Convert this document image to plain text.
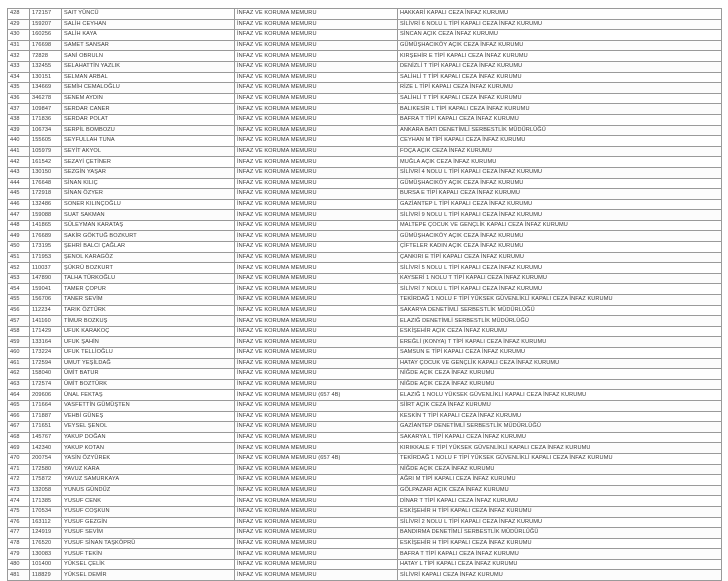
428	172157	SAIT YÜNCÜ	İNFAZ VE KORUMA MEMURU	HAKKARİ KAPALI CEZA İNFAZ KURUMU
429	159207	SALİH CEYHAN	İNFAZ VE KORUMA MEMURU	SİLİVRİ 6 NOLU L TİPİ KAPALI CEZA İNFAZ KURUMU
430	160256	SALİH KAYA	İNFAZ VE KORUMA MEMURU	SİNCAN AÇIK CEZA İNFAZ KURUMU
431	176698	SAMET SANSAR	İNFAZ VE KORUMA MEMURU	GÜMÜŞHACIKÖY AÇIK CEZA İNFAZ KURUMU
432	72828	SANİ OBRULN	İNFAZ VE KORUMA MEMURU	KIRŞEHİR E TİPİ KAPALI CEZA İNFAZ KURUMU
433	132455	SELAHATTİN YAZLIK	İNFAZ VE KORUMA MEMURU	DENİZLİ T TİPİ KAPALI CEZA İNFAZ KURUMU
434	130151	SELMAN ARBAL	İNFAZ VE KORUMA MEMURU	SALİHLİ T TİPİ KAPALI CEZA İNFAZ KURUMU
435	134669	SEMİH CEMALOĞLU	İNFAZ VE KORUMA MEMURU	RİZE L TİPİ KAPALI CEZA İNFAZ KURUMU
436	346278	SENEM AYDIN	İNFAZ VE KORUMA MEMURU	SALİHLİ T TİPİ KAPALI CEZA İNFAZ KURUMU
437	109847	SERDAR CANER	İNFAZ VE KORUMA MEMURU	BALIKESİR L TİPİ KAPALI CEZA İNFAZ KURUMU
438	171836	SERDAR POLAT	İNFAZ VE KORUMA MEMURU	BAFRA T TİPİ KAPALI CEZA İNFAZ KURUMU
439	106734	SERPİL BOMBOZU	İNFAZ VE KORUMA MEMURU	ANKARA BATI DENETİMLİ SERBESTLİK MÜDÜRLÜĞÜ
440	155605	SEYFULLAH TUNA	İNFAZ VE KORUMA MEMURU	CEYHAN M TİPİ KAPALI CEZA İNFAZ KURUMU
441	105979	SEYİT AKYOL	İNFAZ VE KORUMA MEMURU	FOÇA AÇIK CEZA İNFAZ KURUMU
442	161542	SEZAYİ ÇETİNER	İNFAZ VE KORUMA MEMURU	MUĞLA AÇIK CEZA İNFAZ KURUMU
443	130150	SEZGİN YAŞAR	İNFAZ VE KORUMA MEMURU	SİLİVRİ 4 NOLU L TİPİ KAPALI CEZA İNFAZ KURUMU
444	176648	SİNAN KILIÇ	İNFAZ VE KORUMA MEMURU	GÜMÜŞHACIKÖY AÇIK CEZA İNFAZ KURUMU
445	172918	SİNAN ÖZYER	İNFAZ VE KORUMA MEMURU	BURSA E TİPİ KAPALI CEZA İNFAZ KURUMU
446	132486	SONER KILINÇOĞLU	İNFAZ VE KORUMA MEMURU	GAZİANTEP L TİPİ KAPALI CEZA İNFAZ KURUMU
447	159088	SUAT SAKMAN	İNFAZ VE KORUMA MEMURU	SİLİVRİ 9 NOLU L TİPİ KAPALI CEZA İNFAZ KURUMU
448	141865	SÜLEYMAN KARATAŞ	İNFAZ VE KORUMA MEMURU	MALTEPE ÇOCUK VE GENÇLİK KAPALI CEZA İNFAZ KURUMU
449	176689	SAKİR GÖKTUĞ BOZKURT	İNFAZ VE KORUMA MEMURU	GÜMÜŞHACIKÖY AÇIK CEZA İNFAZ KURUMU
450	173195	ŞEHRİ BALCI ÇAĞLAR	İNFAZ VE KORUMA MEMURU	ÇİFTELER KADIN AÇIK CEZA İNFAZ KURUMU
451	171953	ŞENOL KARAGÖZ	İNFAZ VE KORUMA MEMURU	ÇANKIRI E TİPİ KAPALI CEZA İNFAZ KURUMU
452	110037	ŞÜKRÜ BOZKURT	İNFAZ VE KORUMA MEMURU	SİLİVRİ 5 NOLU L TİPİ KAPALI CEZA İNFAZ KURUMU
453	147890	TALHA TÜRKOĞLU	İNFAZ VE KORUMA MEMURU	KAYSERİ 1 NOLU T TİPİ KAPALI CEZA İNFAZ KURUMU
454	159041	TAMER ÇOPUR	İNFAZ VE KORUMA MEMURU	SİLİVRİ 7 NOLU L TİPİ KAPALI CEZA İNFAZ KURUMU
455	156706	TANER SEVİM	İNFAZ VE KORUMA MEMURU	TEKİRDAĞ 1 NOLU F TİPİ YÜKSEK GÜVENLİKLİ KAPALI CEZA İNFAZ KURUMU
456	112234	TARIK ÖZTÜRK	İNFAZ VE KORUMA MEMURU	SAKARYA DENETİMLİ SERBESTLİK MÜDÜRLÜĞÜ
457	141160	TİMUR BOZKUŞ	İNFAZ VE KORUMA MEMURU	ELAZIĞ DENETİMLİ SERBESTLİK MÜDÜRLÜĞÜ
458	171429	UFUK KARAKOÇ	İNFAZ VE KORUMA MEMURU	ESKİŞEHİR AÇIK CEZA İNFAZ KURUMU
459	133164	UFUK ŞAHİN	İNFAZ VE KORUMA MEMURU	EREĞLİ (KONYA) T TİPİ KAPALI CEZA İNFAZ KURUMU
460	173224	UFUK TELLİOĞLU	İNFAZ VE KORUMA MEMURU	SAMSUN E TİPİ KAPALI CEZA İNFAZ KURUMU
461	172594	UMUT YEŞİLDAĞ	İNFAZ VE KORUMA MEMURU	HATAY ÇOCUK VE GENÇLİK KAPALI CEZA İNFAZ KURUMU
462	158040	ÜMİT BATUR	İNFAZ VE KORUMA MEMURU	NİĞDE AÇIK CEZA İNFAZ KURUMU
463	172574	ÜMİT BOZTÜRK	İNFAZ VE KORUMA MEMURU	NİĞDE AÇIK CEZA İNFAZ KURUMU
464	209606	ÜNAL FEKTAŞ	İNFAZ VE KORUMA MEMURU (657 4B)	ELAZIĞ 1 NOLU YÜKSEK GÜVENLİKLİ KAPALI CEZA İNFAZ KURUMU
465	171664	VASFETTİN GÜMÜŞTEN	İNFAZ VE KORUMA MEMURU	SİİRT AÇIK CEZA İNFAZ KURUMU
466	171887	VEHBİ GÜNEŞ	İNFAZ VE KORUMA MEMURU	KESKİN T TİPİ KAPALI CEZA İNFAZ KURUMU
467	171651	VEYSEL ŞENOL	İNFAZ VE KORUMA MEMURU	GAZİANTEP DENETİMLİ SERBESTLİK MÜDÜRLÜĞÜ
468	145767	YAKUP DOĞAN	İNFAZ VE KORUMA MEMURU	SAKARYA L TİPİ KAPALI CEZA İNFAZ KURUMU
469	142340	YAKUP KOTAN	İNFAZ VE KORUMA MEMURU	KIRIKKALE F TİPİ YÜKSEK GÜVENLİKLİ KAPALI CEZA İNFAZ KURUMU
470	200754	YASİN ÖZYÜREK	İNFAZ VE KORUMA MEMURU (657 4B)	TEKİRDAĞ 1 NOLU F TİPİ YÜKSEK GÜVENLİKLİ KAPALI CEZA İNFAZ KURUMU
471	172580	YAVUZ KARA	İNFAZ VE KORUMA MEMURU	NİĞDE AÇIK CEZA İNFAZ KURUMU
472	175872	YAVUZ SAMURKAYA	İNFAZ VE KORUMA MEMURU	AĞRI M TİPİ KAPALI CEZA İNFAZ KURUMU
473	132058	YUNUS GÜNDÜZ	İNFAZ VE KORUMA MEMURU	GÖLPAZARI AÇIK CEZA İNFAZ KURUMU
474	171385	YUSUF CENK	İNFAZ VE KORUMA MEMURU	DİNAR T TİPİ KAPALI CEZA İNFAZ KURUMU
475	170534	YUSUF COŞKUN	İNFAZ VE KORUMA MEMURU	ESKİŞEHİR H TİPİ KAPALI CEZA İNFAZ KURUMU
476	163112	YUSUF GEZGİN	İNFAZ VE KORUMA MEMURU	SİLİVRİ 2 NOLU L TİPİ KAPALI CEZA İNFAZ KURUMU
477	124919	YUSUF SEVİM	İNFAZ VE KORUMA MEMURU	BANDIRMA DENETİMLİ SERBESTLİK MÜDÜRLÜĞÜ
478	176520	YUSUF SİNAN TAŞKÖPRÜ	İNFAZ VE KORUMA MEMURU	ESKİŞEHİR H TİPİ KAPALI CEZA İNFAZ KURUMU
479	130083	YUSUF TEKİN	İNFAZ VE KORUMA MEMURU	BAFRA T TİPİ KAPALI CEZA İNFAZ KURUMU
480	101400	YÜKSEL ÇELİK	İNFAZ VE KORUMA MEMURU	HATAY L TİPİ KAPALI CEZA İNFAZ KURUMU
481	118829	YÜKSEL DEMİR	İNFAZ VE KORUMA MEMURU	SİLİVRİ KAPALI CEZA İNFAZ KURUMU
